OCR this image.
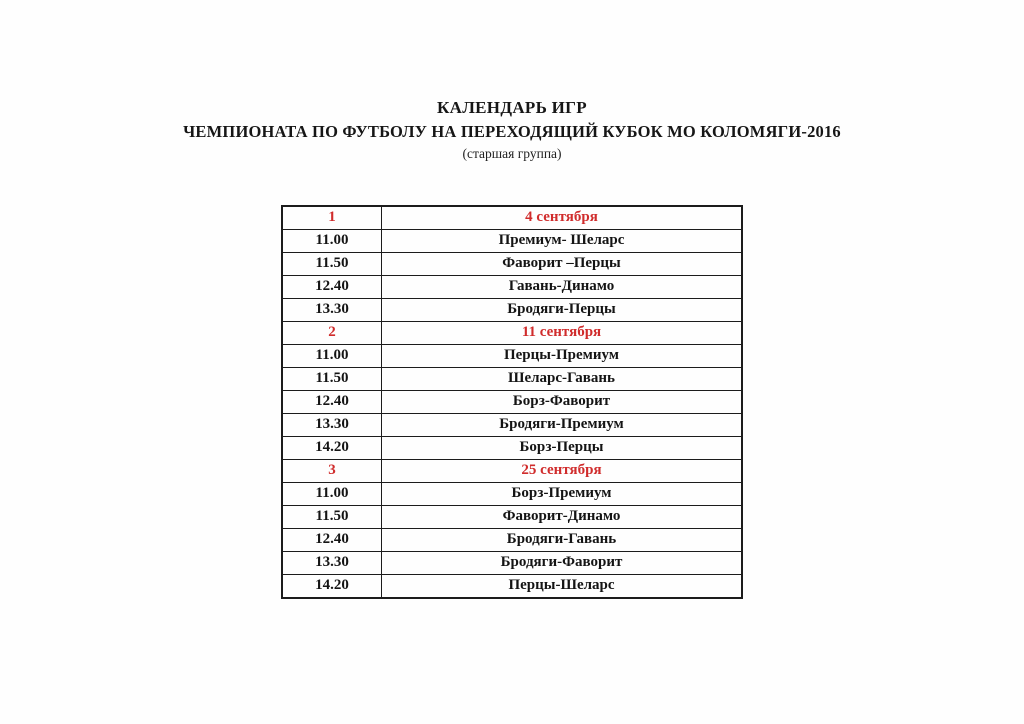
КАЛЕНДАРЬ ИГР
ЧЕМПИОНАТА ПО ФУТБОЛУ НА ПЕРЕХОДЯЩИЙ КУБОК МО КОЛОМЯГИ-2016
(старшая группа)
1	4 сентября
11.00	Премиум- Шеларс
11.50	Фаворит –Перцы
12.40	Гавань-Динамо
13.30	Бродяги-Перцы
2	11 сентября
11.00	Перцы-Премиум
11.50	Шеларс-Гавань
12.40	Борз-Фаворит
13.30	Бродяги-Премиум
14.20	Борз-Перцы
3	25 сентября
11.00	Борз-Премиум
11.50	Фаворит-Динамо
12.40	Бродяги-Гавань
13.30	Бродяги-Фаворит
14.20	Перцы-Шеларс
